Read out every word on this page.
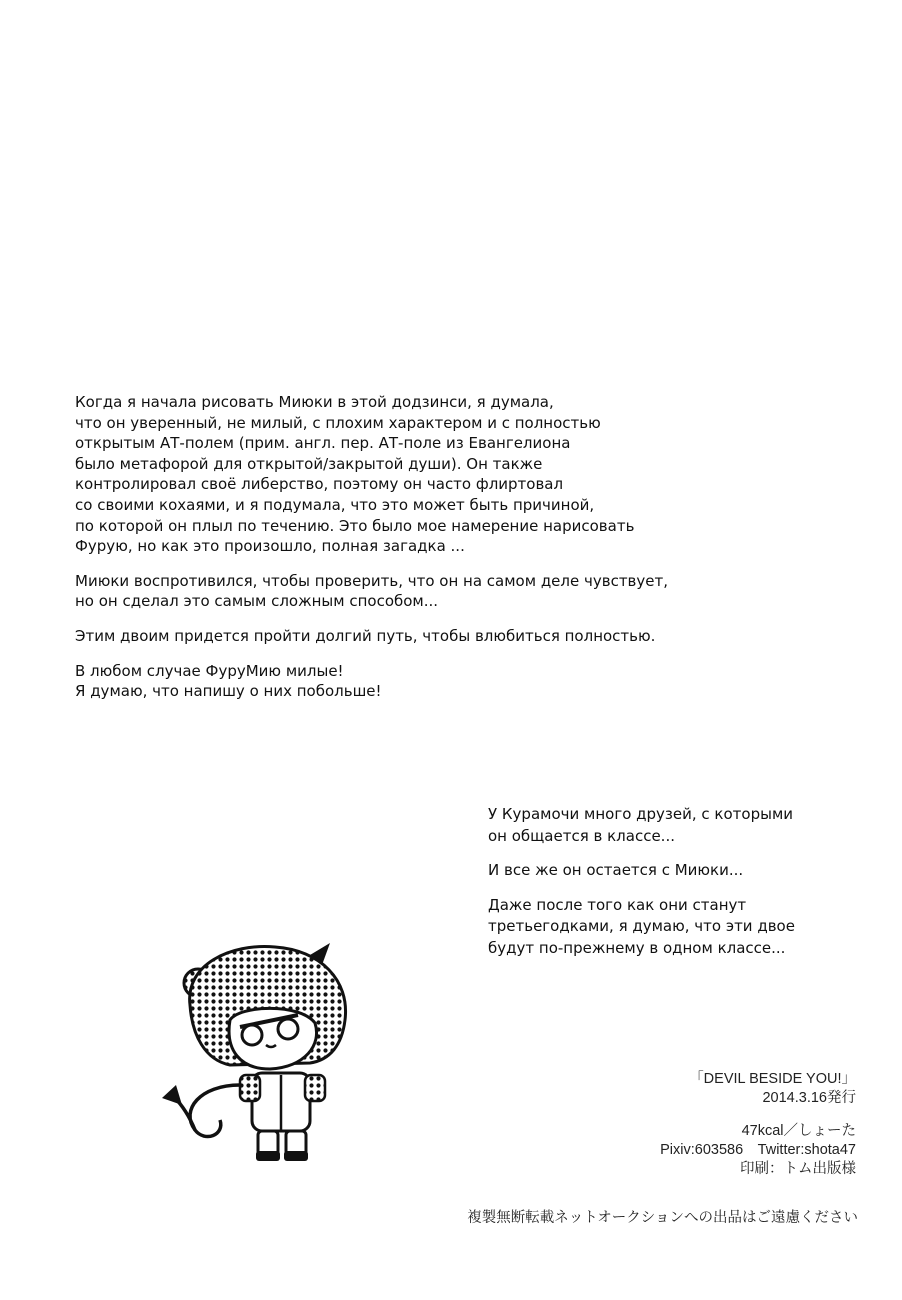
Когда я начала рисовать Миюки в этой додзинси, я думала,
что он уверенный, не милый, с плохим характером и с полностью
открытым АТ-полем (прим. англ. пер. АТ-поле из Евангелиона
было метафорой для открытой/закрытой души). Он также
контролировал своё либерство, поэтому он часто флиртовал
со своими кохаями, и я подумала, что это может быть причиной,
по которой он плыл по течению. Это было мое намерение нарисовать
Фурую, но как это произошло, полная загадка ...

Миюки воспротивился, чтобы проверить, что он на самом деле чувствует,
но он сделал это самым сложным способом...

Этим двоим придется пройти долгий путь, чтобы влюбиться полностью.

В любом случае ФуруМию милые!
Я думаю, что напишу о них побольше!

У Курамочи много друзей, с которыми
он общается в классе...

И все же он остается с Миюки...

Даже после того как они станут
третьегодками, я думаю, что эти двое
будут по-прежнему в одном классе...

「DEVIL BESIDE YOU!」
2014.3.16発行
47kcal／しょーた
Pixiv:603586　Twitter:shota47
印刷：トム出版様
複製無断転載ネットオークションへの出品はご遠慮ください
